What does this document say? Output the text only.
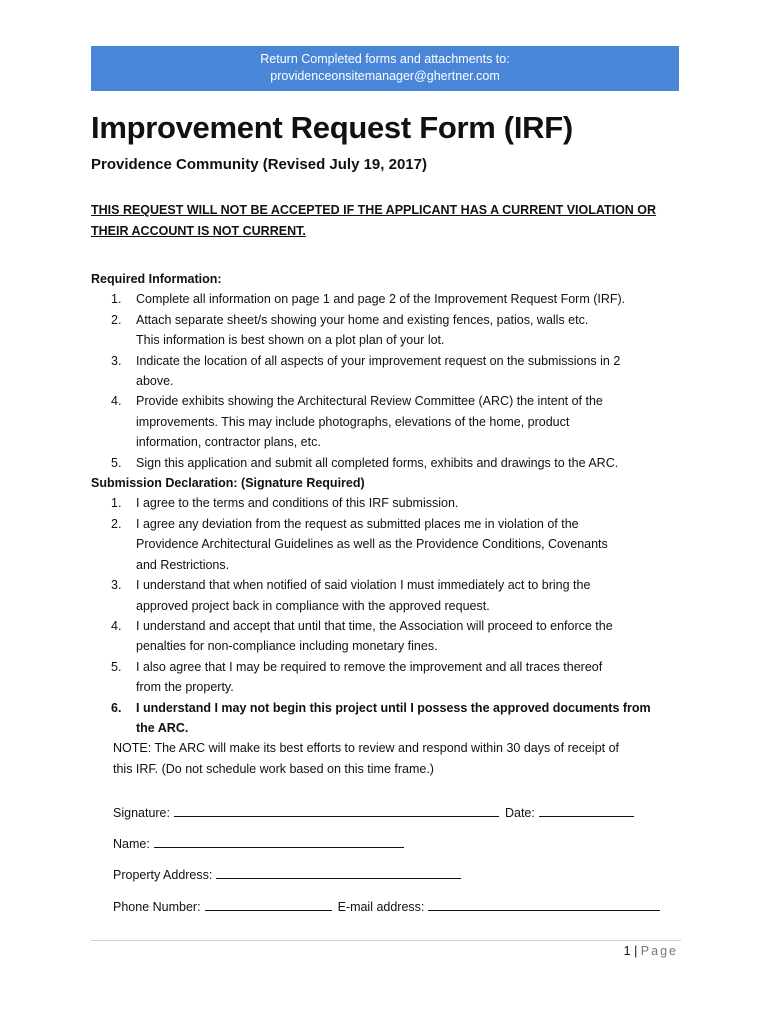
Return Completed forms and attachments to:
providenceonsitemanager@ghertner.com
Improvement Request Form (IRF)
Providence Community (Revised July 19, 2017)

THIS REQUEST WILL NOT BE ACCEPTED IF THE APPLICANT HAS A CURRENT VIOLATION OR THEIR ACCOUNT IS NOT CURRENT.

Required Information:
1. Complete all information on page 1 and page 2 of the Improvement Request Form (IRF).
2. Attach separate sheet/s showing your home and existing fences, patios, walls etc.
This information is best shown on a plot plan of your lot.
3. Indicate the location of all aspects of your improvement request on the submissions in 2
above.
4. Provide exhibits showing the Architectural Review Committee (ARC) the intent of the
improvements. This may include photographs, elevations of the home, product
information, contractor plans, etc.
5. Sign this application and submit all completed forms, exhibits and drawings to the ARC.
Submission Declaration: (Signature Required)
1. I agree to the terms and conditions of this IRF submission.
2. I agree any deviation from the request as submitted places me in violation of the
Providence Architectural Guidelines as well as the Providence Conditions, Covenants
and Restrictions.
3. I understand that when notified of said violation I must immediately act to bring the
approved project back in compliance with the approved request.
4. I understand and accept that until that time, the Association will proceed to enforce the
penalties for non-compliance including monetary fines.
5. I also agree that I may be required to remove the improvement and all traces thereof
from the property.
6. I understand I may not begin this project until I possess the approved documents from
the ARC.
NOTE: The ARC will make its best efforts to review and respond within 30 days of receipt of
this IRF. (Do not schedule work based on this time frame.)
Signature:	Date:
Name:
Property Address:
Phone Number:	E-mail address:
1 | Page
